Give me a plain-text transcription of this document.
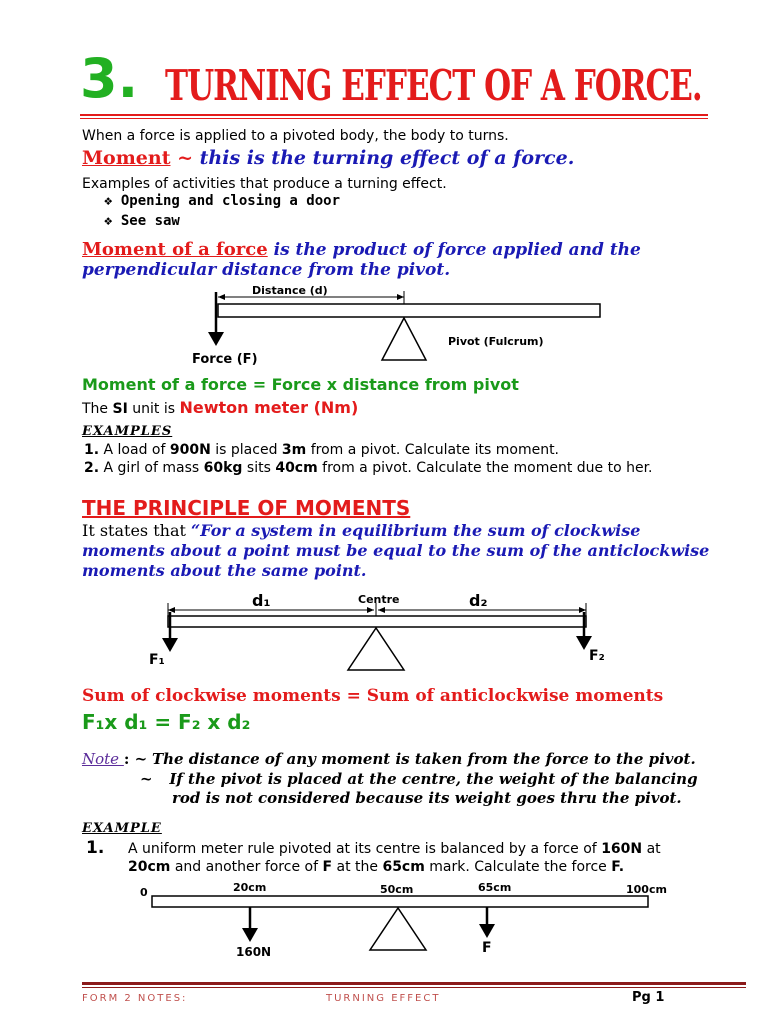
3. TURNING EFFECT OF A FORCE.
When a force is applied to a pivoted body, the body to turns.
Moment ~ this is the turning effect of a force.
Examples of activities that produce a turning effect.
❖ Opening and closing a door
❖ See saw
Moment of a force is the product of force applied and the
perpendicular distance from the pivot.
Distance (d)
Force (F)
Pivot (Fulcrum)
d₁	Centre	d₂
F₁	F₂
0	20cm	50cm	65cm	100cm
160N	F
Moment of a force = Force x distance from pivot
The SI unit is Newton meter (Nm)
EXAMPLES
1. A load of 900N is placed 3m from a pivot. Calculate its moment.
2. A girl of mass 60kg sits 40cm from a pivot. Calculate the moment due to her.
THE PRINCIPLE OF MOMENTS
It states that “For a system in equilibrium the sum of clockwise
moments about a point must be equal to the sum of the anticlockwise
moments about the same point.
Sum of clockwise moments = Sum of anticlockwise moments
F₁x d₁ = F₂ x d₂
Note : ~ The distance of any moment is taken from the force to the pivot.
~ If the pivot is placed at the centre, the weight of the balancing
rod is not considered because its weight goes thru the pivot.
EXAMPLE
1. A uniform meter rule pivoted at its centre is balanced by a force of 160N at
20cm and another force of F at the 65cm mark. Calculate the force F.
FORM 2 NOTES:	TURNING EFFECT	Pg 1
